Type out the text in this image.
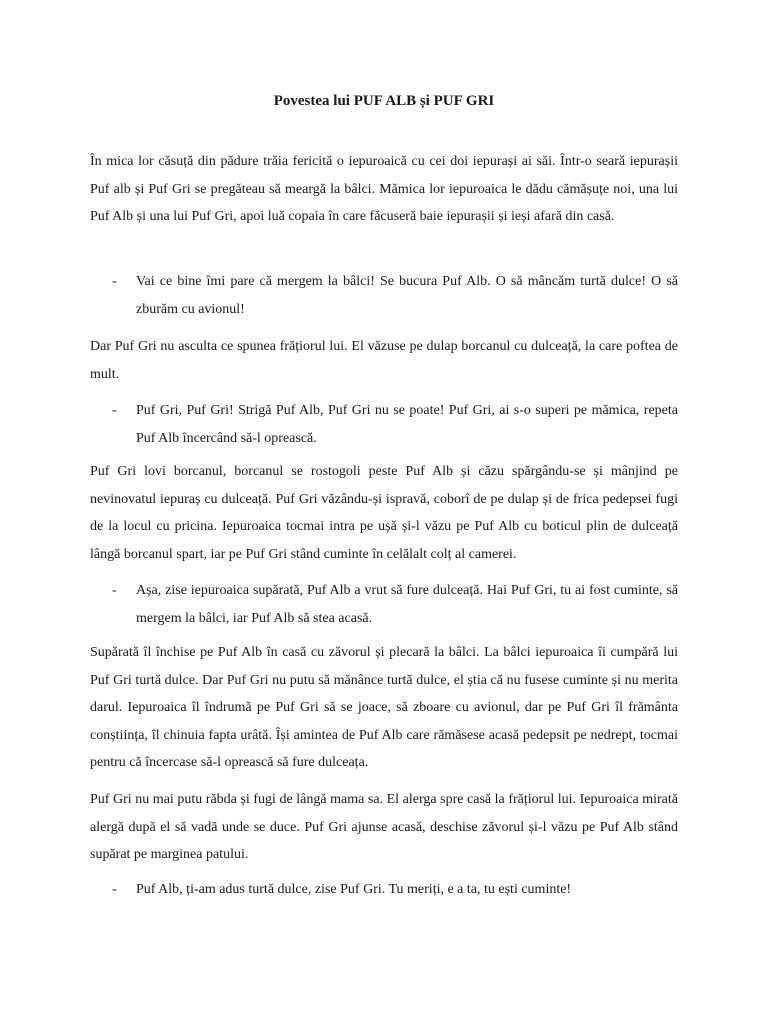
Povestea lui PUF ALB și PUF GRI

În mica lor căsuță din pădure trăia fericită o iepuroaică cu cei doi iepurași ai săi. Într-o seară iepurașii Puf alb și Puf Gri se pregăteau să meargă la bâlci. Mămica lor iepuroaica le dădu cămășuțe noi, una lui Puf Alb și una lui Puf Gri, apoi luă copaia în care făcuseră baie iepurașii și ieși afară din casă.

- Vai ce bine îmi pare că mergem la bâlci! Se bucura Puf Alb. O să mâncăm turtă dulce! O să zburăm cu avionul!

Dar Puf Gri nu asculta ce spunea frățiorul lui. El văzuse pe dulap borcanul cu dulceață, la care poftea de mult.

- Puf Gri, Puf Gri! Strigă Puf Alb, Puf Gri nu se poate! Puf Gri, ai s-o superi pe mămica, repeta Puf Alb încercând să-l oprească.

Puf Gri lovi borcanul, borcanul se rostogoli peste Puf Alb și căzu spărgându-se și mânjind pe nevinovatul iepuraș cu dulceață. Puf Gri văzându-și ispravă, coborî de pe dulap și de frica pedepsei fugi de la locul cu pricina. Iepuroaica tocmai intra pe ușă și-l văzu pe Puf Alb cu boticul plin de dulceață lângă borcanul spart, iar pe Puf Gri stând cuminte în celălalt colț al camerei.

- Așa, zise iepuroaica supărată, Puf Alb a vrut să fure dulceață. Hai Puf Gri, tu ai fost cuminte, să mergem la bâlci, iar Puf Alb să stea acasă.

Supărată îl închise pe Puf Alb în casă cu zăvorul și plecară la bâlci. La bâlci iepuroaica îi cumpără lui Puf Gri turtă dulce. Dar Puf Gri nu putu să mănânce turtă dulce, el știa că nu fusese cuminte și nu merita darul. Iepuroaica îl îndrumă pe Puf Gri să se joace, să zboare cu avionul, dar pe Puf Gri îl frământa conștiința, îl chinuia fapta urâtă. Își amintea de Puf Alb care rămăsese acasă pedepsit pe nedrept, tocmai pentru că încercase să-l oprească să fure dulceața.

Puf Gri nu mai putu răbda și fugi de lângă mama sa. El alerga spre casă la frățiorul lui. Iepuroaica mirată alergă după el să vadă unde se duce. Puf Gri ajunse acasă, deschise zăvorul și-l văzu pe Puf Alb stând supărat pe marginea patului.

- Puf Alb, ți-am adus turtă dulce, zise Puf Gri. Tu meriți, e a ta, tu ești cuminte!
